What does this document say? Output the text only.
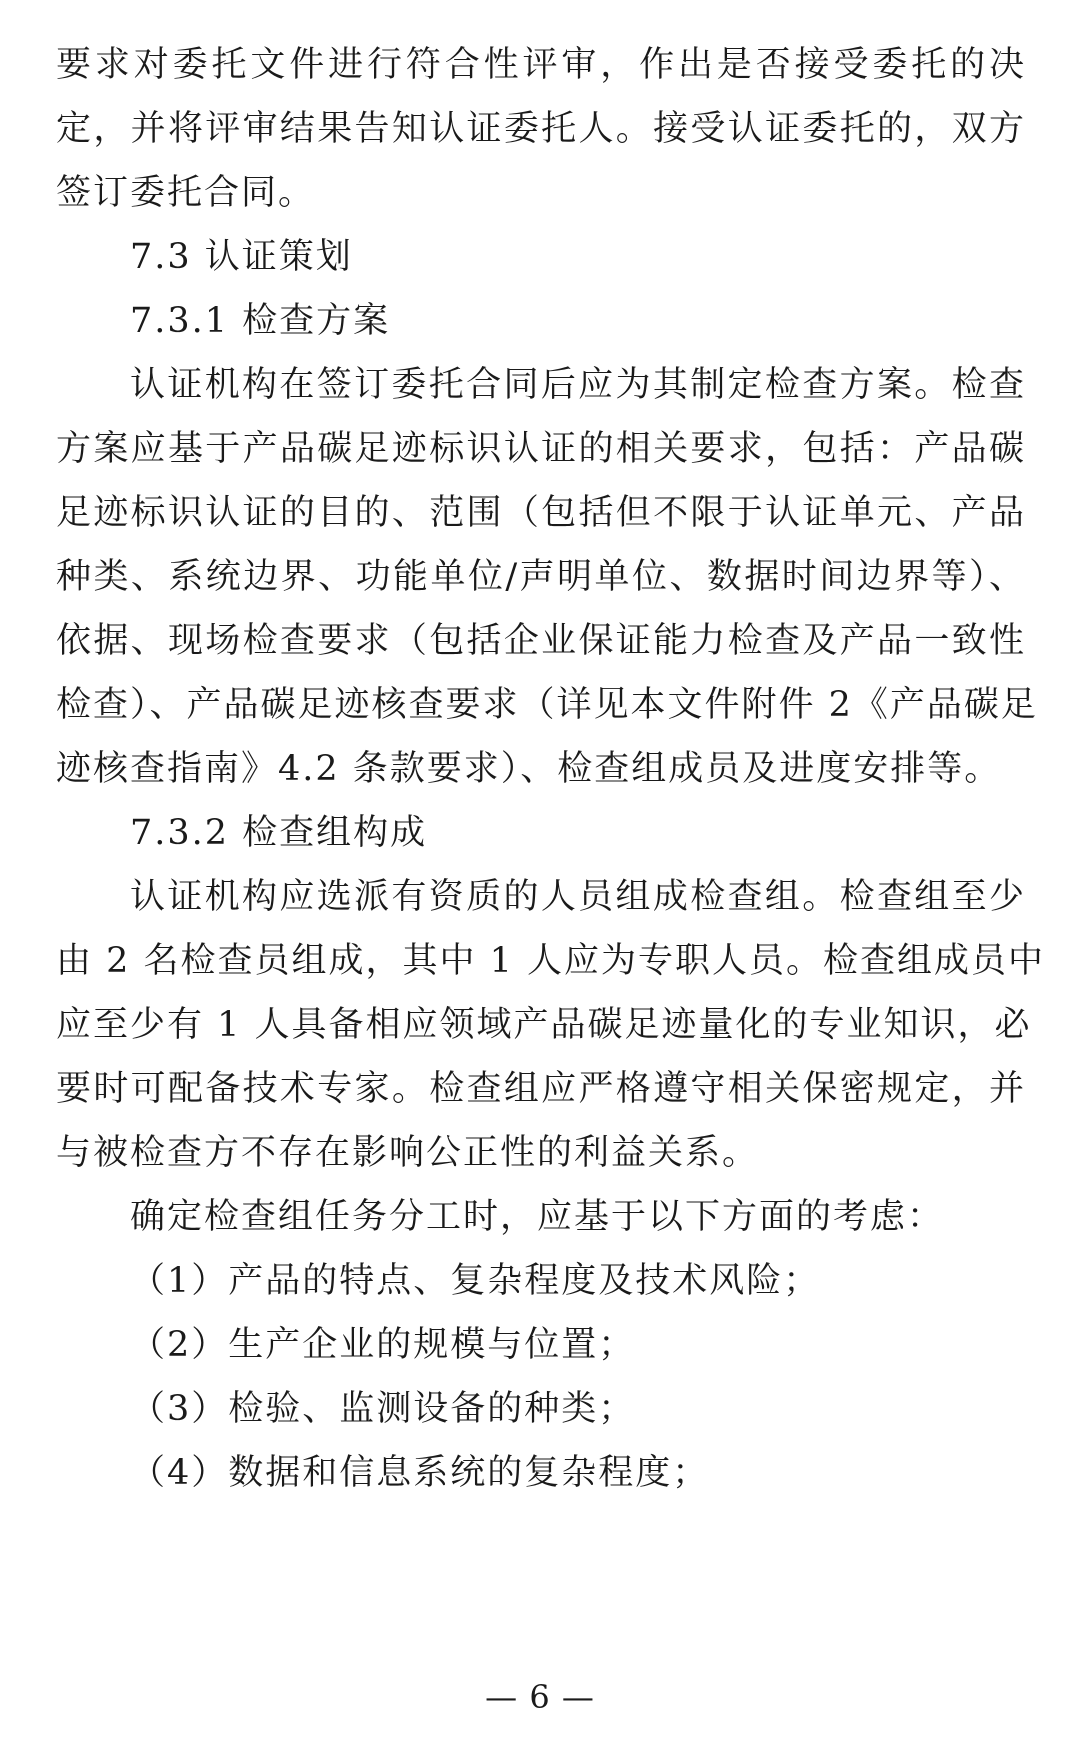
要求对委托文件进行符合性评审，作出是否接受委托的决
定，并将评审结果告知认证委托人。接受认证委托的，双方
签订委托合同。
7.3 认证策划
7.3.1 检查方案
认证机构在签订委托合同后应为其制定检查方案。检查
方案应基于产品碳足迹标识认证的相关要求，包括：产品碳
足迹标识认证的目的、范围（包括但不限于认证单元、产品
种类、系统边界、功能单位/声明单位、数据时间边界等）、
依据、现场检查要求（包括企业保证能力检查及产品一致性
检查）、产品碳足迹核查要求（详见本文件附件 2《产品碳足
迹核查指南》4.2 条款要求）、检查组成员及进度安排等。
7.3.2 检查组构成
认证机构应选派有资质的人员组成检查组。检查组至少
由 2 名检查员组成，其中 1 人应为专职人员。检查组成员中
应至少有 1 人具备相应领域产品碳足迹量化的专业知识，必
要时可配备技术专家。检查组应严格遵守相关保密规定，并
与被检查方不存在影响公正性的利益关系。
确定检查组任务分工时，应基于以下方面的考虑：
（1）产品的特点、复杂程度及技术风险；
（2）生产企业的规模与位置；
（3）检验、监测设备的种类；
（4）数据和信息系统的复杂程度；
— 6 —
